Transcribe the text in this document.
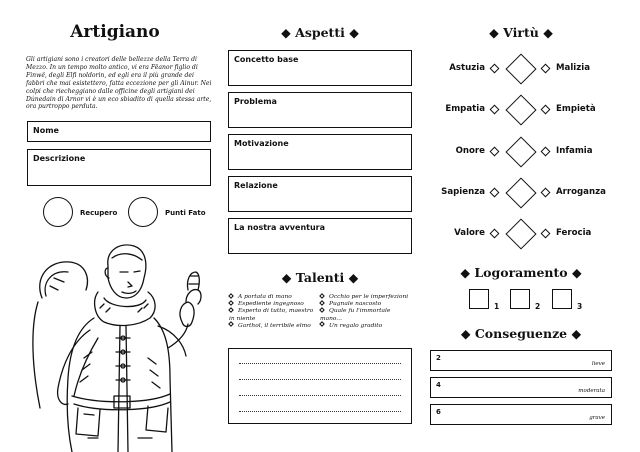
Artigiano
Gli artigiani sono i creatori delle bellezze della Terra di Mezzo. In un tempo molto antico, vi era Fëanor figlio di Finwë, degli Elfi noldorin, ed egli era il più grande dei fabbri che mai esistettero, fatta eccezione per gli Ainur. Nei colpi che riecheggiano dalle officine degli artigiani dei Dúnedain di Arnor vi è un eco sbiadito di quella stessa arte, ora purtroppo perduta.
Nome
Descrizione
Recupero	Punti Fato
◆ Aspetti ◆
Concetto base
Problema
Motivazione
Relazione
La nostra avventura
◆ Talenti ◆
A portata di mano
Espediente ingegnoso
Esperto di tutto, maestro in niente
Garthol, il terribile elmo
Occhio per le imperfezioni
Pugnale nascosto
Quale fu l'immortale mano...
Un regalo gradito
◆ Virtù ◆
Astuzia	Malizia
Empatia	Empietà
Onore	Infamia
Sapienza	Arroganza
Valore	Ferocia
◆ Logoramento ◆
1	2	3
◆ Conseguenze ◆
2
lieve
4
moderata
6
grave
